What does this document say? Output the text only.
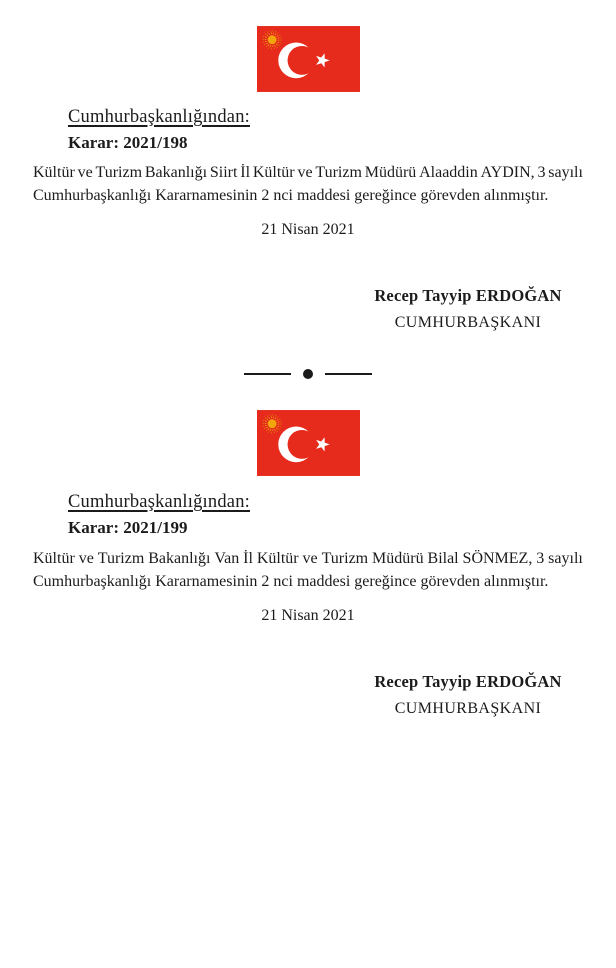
Cumhurbaşkanlığından:
Karar: 2021/198
Kültür ve Turizm Bakanlığı Siirt İl Kültür ve Turizm Müdürü Alaaddin AYDIN, 3 sayılı
Cumhurbaşkanlığı Kararnamesinin 2 nci maddesi gereğince görevden alınmıştır.
21 Nisan 2021
Recep Tayyip ERDOĞAN
CUMHURBAŞKANI
Cumhurbaşkanlığından:
Karar: 2021/199
Kültür ve Turizm Bakanlığı Van İl Kültür ve Turizm Müdürü Bilal SÖNMEZ, 3 sayılı
Cumhurbaşkanlığı Kararnamesinin 2 nci maddesi gereğince görevden alınmıştır.
21 Nisan 2021
Recep Tayyip ERDOĞAN
CUMHURBAŞKANI
